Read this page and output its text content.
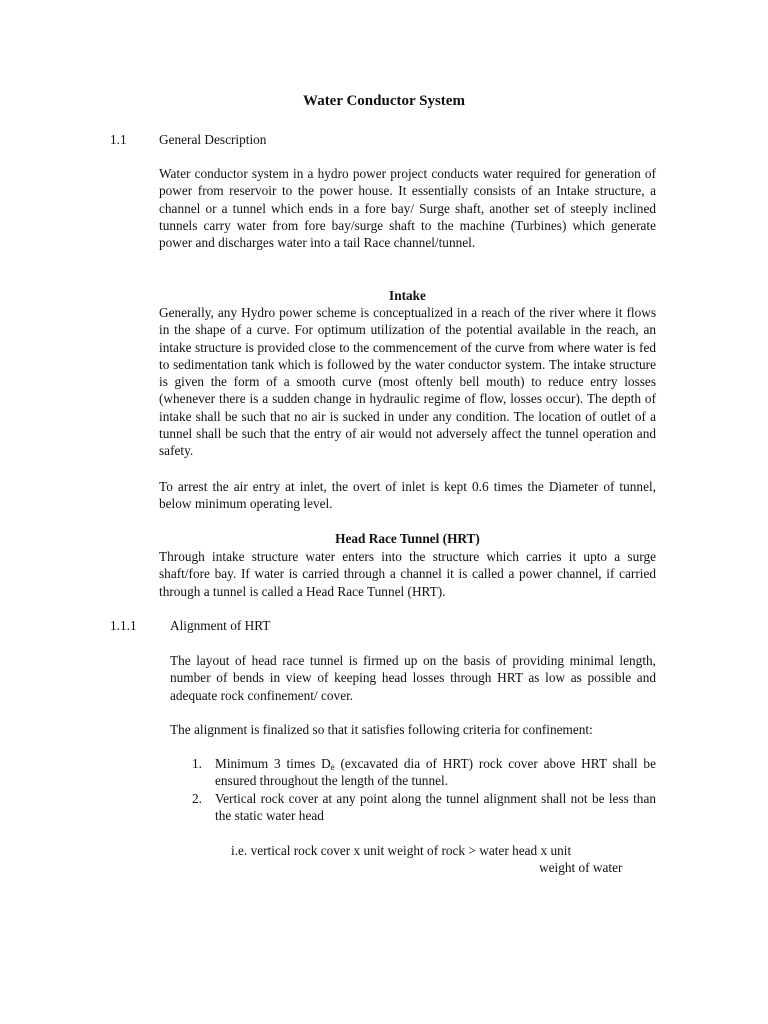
Water Conductor System
1.1 General Description

Water conductor system in a hydro power project conducts water required for generation of power from reservoir to the power house. It essentially consists of an Intake structure, a channel or a tunnel which ends in a fore bay/ Surge shaft, another set of steeply inclined tunnels carry water from fore bay/surge shaft to the machine (Turbines) which generate power and discharges water into a tail Race channel/tunnel.

Intake

Generally, any Hydro power scheme is conceptualized in a reach of the river where it flows in the shape of a curve. For optimum utilization of the potential available in the reach, an intake structure is provided close to the commencement of the curve from where water is fed to sedimentation tank which is followed by the water conductor system. The intake structure is given the form of a smooth curve (most oftenly bell mouth) to reduce entry losses (whenever there is a sudden change in hydraulic regime of flow, losses occur). The depth of intake shall be such that no air is sucked in under any condition. The location of outlet of a tunnel shall be such that the entry of air would not adversely affect the tunnel operation and safety.

To arrest the air entry at inlet, the overt of inlet is kept 0.6 times the Diameter of tunnel, below minimum operating level.

Head Race Tunnel (HRT)

Through intake structure water enters into the structure which carries it upto a surge shaft/fore bay. If water is carried through a channel it is called a power channel, if carried through a tunnel is called a Head Race Tunnel (HRT).

1.1.1	Alignment of HRT

The layout of head race tunnel is firmed up on the basis of providing minimal length, number of bends in view of keeping head losses through HRT as low as possible and adequate rock confinement/ cover.

The alignment is finalized so that it satisfies following criteria for confinement:

1. Minimum 3 times $D_e$ (excavated dia of HRT) rock cover above HRT shall be ensured throughout the length of the tunnel.
2. Vertical rock cover at any point along the tunnel alignment shall not be less than the static water head
i.e. vertical rock cover x unit weight of rock > water head x unit
weight of water
